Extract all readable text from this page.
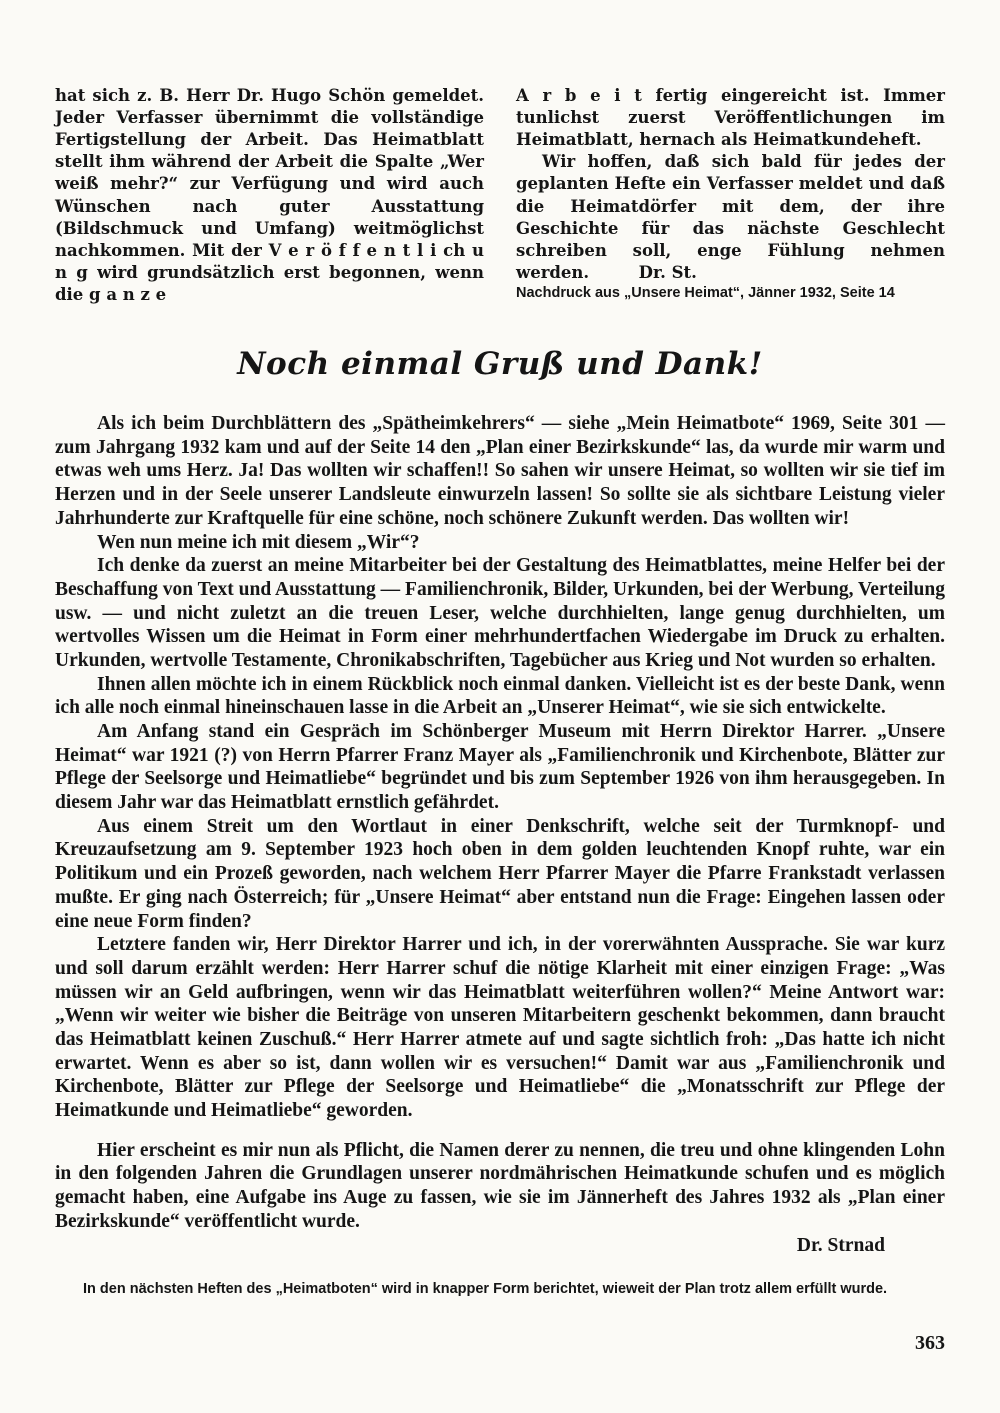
hat sich z. B. Herr Dr. Hugo Schön gemeldet. Jeder Verfasser übernimmt die vollständige Fertigstellung der Arbeit. Das Heimatblatt stellt ihm während der Arbeit die Spalte „Wer weiß mehr?“ zur Verfügung und wird auch Wünschen nach guter Ausstattung (Bildschmuck und Umfang) weitmöglichst nachkommen. Mit der V e r ö f f e n t l i ch u n g wird grundsätzlich erst begonnen, wenn die g a n z e

A r b e i t fertig eingereicht ist. Immer tunlichst zuerst Veröffentlichungen im Heimatblatt, hernach als Heimatkundeheft.

Wir hoffen, daß sich bald für jedes der geplanten Hefte ein Verfasser meldet und daß die Heimatdörfer mit dem, der ihre Geschichte für das nächste Geschlecht schreiben soll, enge Fühlung nehmen werden.   Dr. St.

Nachdruck aus „Unsere Heimat“, Jänner 1932, Seite 14

Noch einmal Gruß und Dank!

Als ich beim Durchblättern des „Spätheimkehrers“ — siehe „Mein Heimatbote“ 1969, Seite 301 — zum Jahrgang 1932 kam und auf der Seite 14 den „Plan einer Bezirkskunde“ las, da wurde mir warm und etwas weh ums Herz. Ja! Das wollten wir schaffen!! So sahen wir unsere Heimat, so wollten wir sie tief im Herzen und in der Seele unserer Landsleute einwurzeln lassen! So sollte sie als sichtbare Leistung vieler Jahrhunderte zur Kraftquelle für eine schöne, noch schönere Zukunft werden. Das wollten wir!

Wen nun meine ich mit diesem „Wir“?

Ich denke da zuerst an meine Mitarbeiter bei der Gestaltung des Heimatblattes, meine Helfer bei der Beschaffung von Text und Ausstattung — Familienchronik, Bilder, Urkunden, bei der Werbung, Verteilung usw. — und nicht zuletzt an die treuen Leser, welche durchhielten, lange genug durchhielten, um wertvolles Wissen um die Heimat in Form einer mehrhundertfachen Wiedergabe im Druck zu erhalten. Urkunden, wertvolle Testamente, Chronikabschriften, Tagebücher aus Krieg und Not wurden so erhalten.

Ihnen allen möchte ich in einem Rückblick noch einmal danken. Vielleicht ist es der beste Dank, wenn ich alle noch einmal hineinschauen lasse in die Arbeit an „Unserer Heimat“, wie sie sich entwickelte.

Am Anfang stand ein Gespräch im Schönberger Museum mit Herrn Direktor Harrer. „Unsere Heimat“ war 1921 (?) von Herrn Pfarrer Franz Mayer als „Familienchronik und Kirchenbote, Blätter zur Pflege der Seelsorge und Heimatliebe“ begründet und bis zum September 1926 von ihm herausgegeben. In diesem Jahr war das Heimatblatt ernstlich gefährdet.

Aus einem Streit um den Wortlaut in einer Denkschrift, welche seit der Turmknopf- und Kreuzaufsetzung am 9. September 1923 hoch oben in dem golden leuchtenden Knopf ruhte, war ein Politikum und ein Prozeß geworden, nach welchem Herr Pfarrer Mayer die Pfarre Frankstadt verlassen mußte. Er ging nach Österreich; für „Unsere Heimat“ aber entstand nun die Frage: Eingehen lassen oder eine neue Form finden?

Letztere fanden wir, Herr Direktor Harrer und ich, in der vorerwähnten Aussprache. Sie war kurz und soll darum erzählt werden: Herr Harrer schuf die nötige Klarheit mit einer einzigen Frage: „Was müssen wir an Geld aufbringen, wenn wir das Heimatblatt weiterführen wollen?“ Meine Antwort war: „Wenn wir weiter wie bisher die Beiträge von unseren Mitarbeitern geschenkt bekommen, dann braucht das Heimatblatt keinen Zuschuß.“ Herr Harrer atmete auf und sagte sichtlich froh: „Das hatte ich nicht erwartet. Wenn es aber so ist, dann wollen wir es versuchen!“ Damit war aus „Familienchronik und Kirchenbote, Blätter zur Pflege der Seelsorge und Heimatliebe“ die „Monatsschrift zur Pflege der Heimatkunde und Heimatliebe“ geworden.

Hier erscheint es mir nun als Pflicht, die Namen derer zu nennen, die treu und ohne klingenden Lohn in den folgenden Jahren die Grundlagen unserer nordmährischen Heimatkunde schufen und es möglich gemacht haben, eine Aufgabe ins Auge zu fassen, wie sie im Jännerheft des Jahres 1932 als „Plan einer Bezirkskunde“ veröffentlicht wurde.

Dr. Strnad
In den nächsten Heften des „Heimatboten“ wird in knapper Form berichtet, wieweit der Plan trotz allem erfüllt wurde.
363
